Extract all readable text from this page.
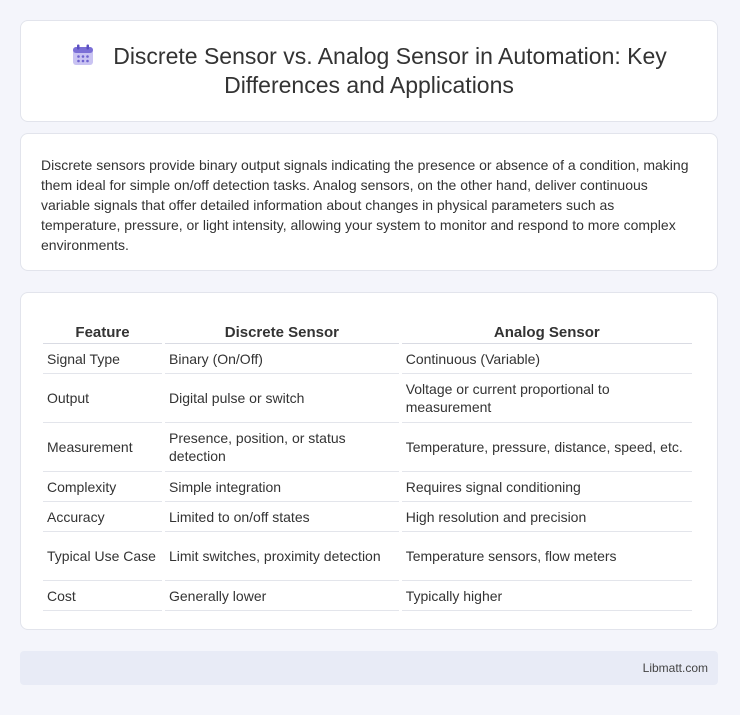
Discrete Sensor vs. Analog Sensor in Automation: Key Differences and Applications

Discrete sensors provide binary output signals indicating the presence or absence of a condition, making them ideal for simple on/off detection tasks. Analog sensors, on the other hand, deliver continuous variable signals that offer detailed information about changes in physical parameters such as temperature, pressure, or light intensity, allowing your system to monitor and respond to more complex environments.

Feature	Discrete Sensor	Analog Sensor
Signal Type	Binary (On/Off)	Continuous (Variable)
Output	Digital pulse or switch	Voltage or current proportional to measurement
Measurement	Presence, position, or status detection	Temperature, pressure, distance, speed, etc.
Complexity	Simple integration	Requires signal conditioning
Accuracy	Limited to on/off states	High resolution and precision
Typical Use Case	Limit switches, proximity detection	Temperature sensors, flow meters
Cost	Generally lower	Typically higher
Libmatt.com
